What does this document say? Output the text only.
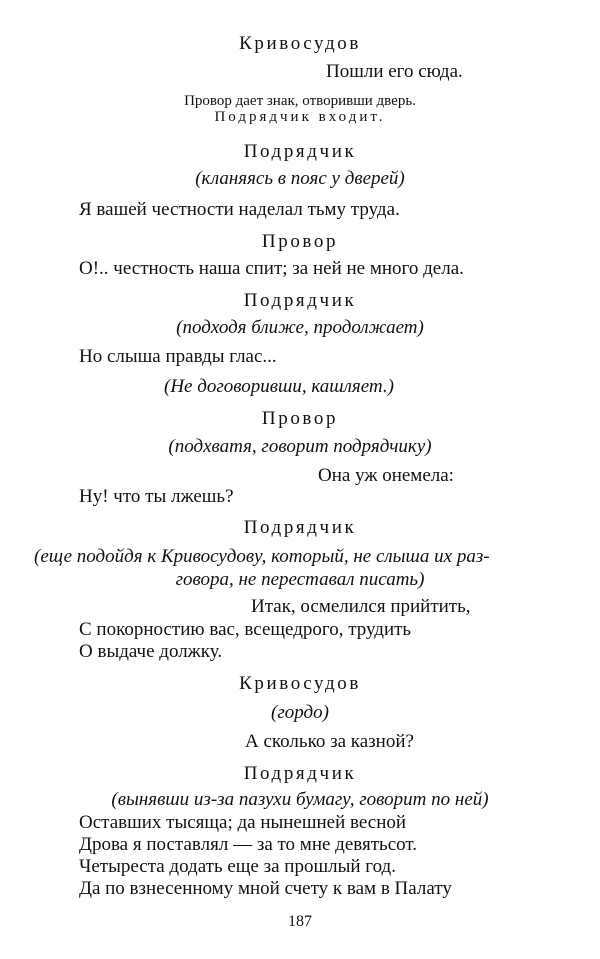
Кривосудов
Пошли его сюда.
Провор дает знак, отворивши дверь.
Подрядчик входит.
Подрядчик
(кланяясь в пояс у дверей)
Я вашей честности наделал тьму труда.
Провор
О!.. честность наша спит; за ней не много дела.
Подрядчик
(подходя ближе, продолжает)
Но слыша правды глас...
(Не договоривши, кашляет.)
Провор
(подхватя, говорит подрядчику)
Она уж онемела:
Ну! что ты лжешь?
Подрядчик
(еще подойдя к Кривосудову, который, не слыша их раз-
говора, не переставал писать)
Итак, осмелился прийтить,
С покорностию вас, всещедрого, трудить
О выдаче должку.
Кривосудов
(гордо)
А сколько за казной?
Подрядчик
(вынявши из-за пазухи бумагу, говорит по ней)
Оставших тысяща; да нынешней весной
Дрова я поставлял — за то мне девятьсот.
Четыреста додать еще за прошлый год.
Да по взнесенному мной счету к вам в Палату
187
